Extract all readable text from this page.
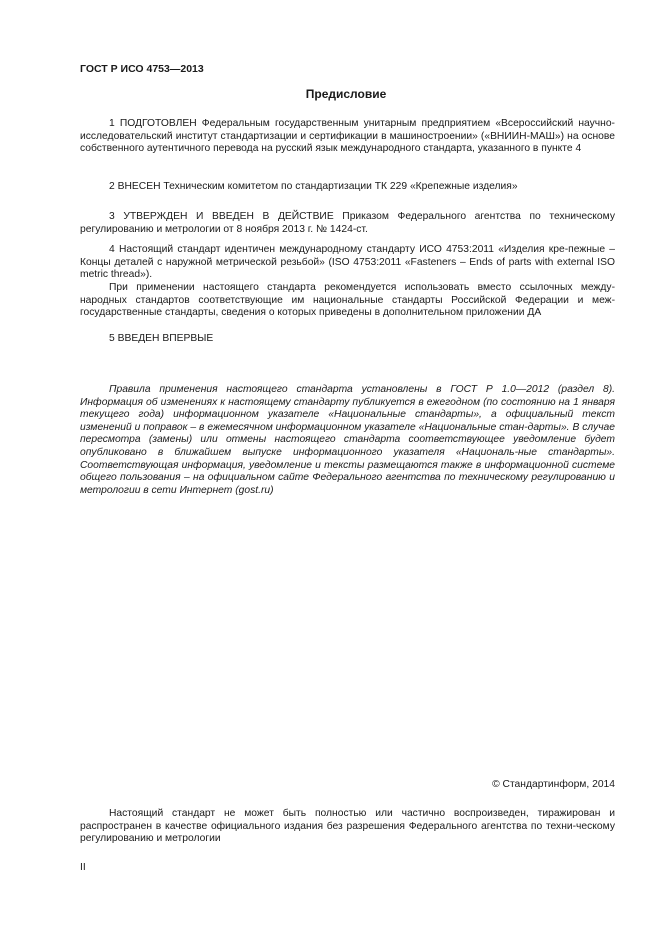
ГОСТ Р ИСО 4753—2013
Предисловие

1 ПОДГОТОВЛЕН Федеральным государственным унитарным предприятием «Всероссийский научно-исследовательский институт стандартизации и сертификации в машиностроении» («ВНИИН-МАШ») на основе собственного аутентичного перевода на русский язык международного стандарта, указанного в пункте 4

2 ВНЕСЕН Техническим комитетом по стандартизации ТК 229 «Крепежные изделия»

3 УТВЕРЖДЕН И ВВЕДЕН В ДЕЙСТВИЕ Приказом Федерального агентства по техническому регулированию и метрологии от 8 ноября 2013 г. № 1424-ст.

4 Настоящий стандарт идентичен международному стандарту ИСО 4753:2011 «Изделия кре-пежные – Концы деталей с наружной метрической резьбой» (ISO 4753:2011 «Fasteners – Ends of parts with external ISO metric thread»).

При применении настоящего стандарта рекомендуется использовать вместо ссылочных между-народных стандартов соответствующие им национальные стандарты Российской Федерации и меж-государственные стандарты, сведения о которых приведены в дополнительном приложении ДА

5 ВВЕДЕН ВПЕРВЫЕ

Правила применения настоящего стандарта установлены в ГОСТ Р 1.0—2012 (раздел 8). Информация об изменениях к настоящему стандарту публикуется в ежегодном (по состоянию на 1 января текущего года) информационном указателе «Национальные стандарты», а официальный текст изменений и поправок – в ежемесячном информационном указателе «Национальные стан-дарты». В случае пересмотра (замены) или отмены настоящего стандарта соответствующее уведомление будет опубликовано в ближайшем выпуске информационного указателя «Националь-ные стандарты». Соответствующая информация, уведомление и тексты размещаются также в информационной системе общего пользования – на официальном сайте Федерального агентства по техническому регулированию и метрологии в сети Интернет (gost.ru)

© Стандартинформ, 2014

Настоящий стандарт не может быть полностью или частично воспроизведен, тиражирован и распространен в качестве официального издания без разрешения Федерального агентства по техни-ческому регулированию и метрологии

II
